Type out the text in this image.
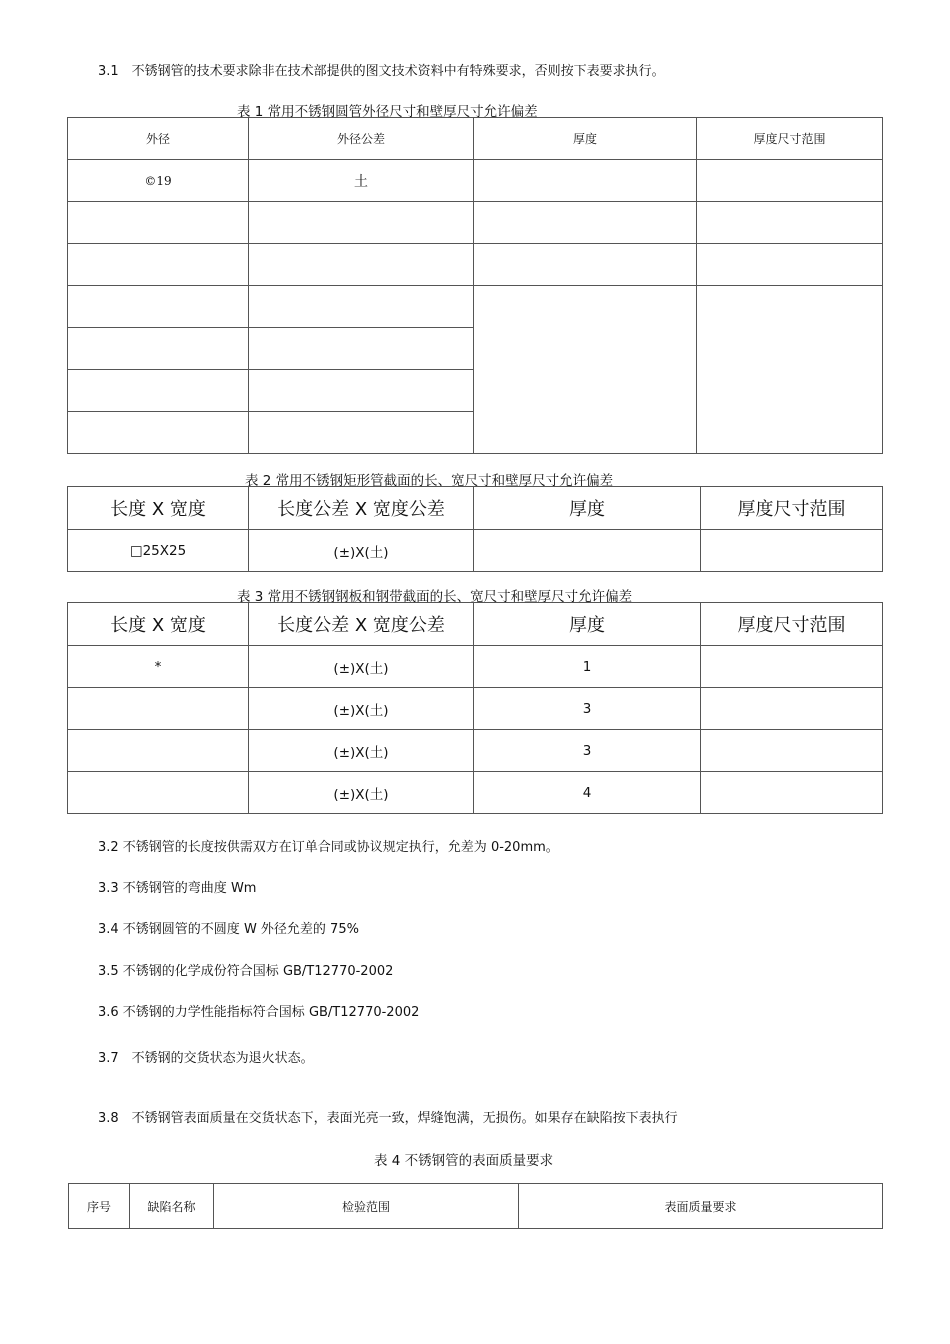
3.1　不锈钢管的技术要求除非在技术部提供的图文技术资料中有特殊要求，否则按下表要求执行。
表 1 常用不锈钢圆管外径尺寸和壁厚尺寸允许偏差
外径	外径公差	厚度	厚度尺寸范围
©19	土		

表 2 常用不锈钢矩形管截面的长、宽尺寸和壁厚尺寸允许偏差
长度 X 宽度	长度公差 X 宽度公差	厚度	厚度尺寸范围
□25X25	(±)X(土)		
表 3 常用不锈钢钢板和钢带截面的长、宽尺寸和壁厚尺寸允许偏差
长度 X 宽度	长度公差 X 宽度公差	厚度	厚度尺寸范围
*	(±)X(土)	1	
	(±)X(土)	3	
	(±)X(土)	3	
	(±)X(土)	4	
3.2 不锈钢管的长度按供需双方在订单合同或协议规定执行，允差为 0-20mm。
3.3 不锈钢管的弯曲度 Wm
3.4 不锈钢圆管的不圆度 W 外径允差的 75%
3.5 不锈钢的化学成份符合国标 GB/T12770-2002
3.6 不锈钢的力学性能指标符合国标 GB/T12770-2002
3.7　不锈钢的交货状态为退火状态。
3.8　不锈钢管表面质量在交货状态下，表面光亮一致，焊缝饱满，无损伤。如果存在缺陷按下表执行
表 4 不锈钢管的表面质量要求
序号	缺陷名称	检验范围	表面质量要求
